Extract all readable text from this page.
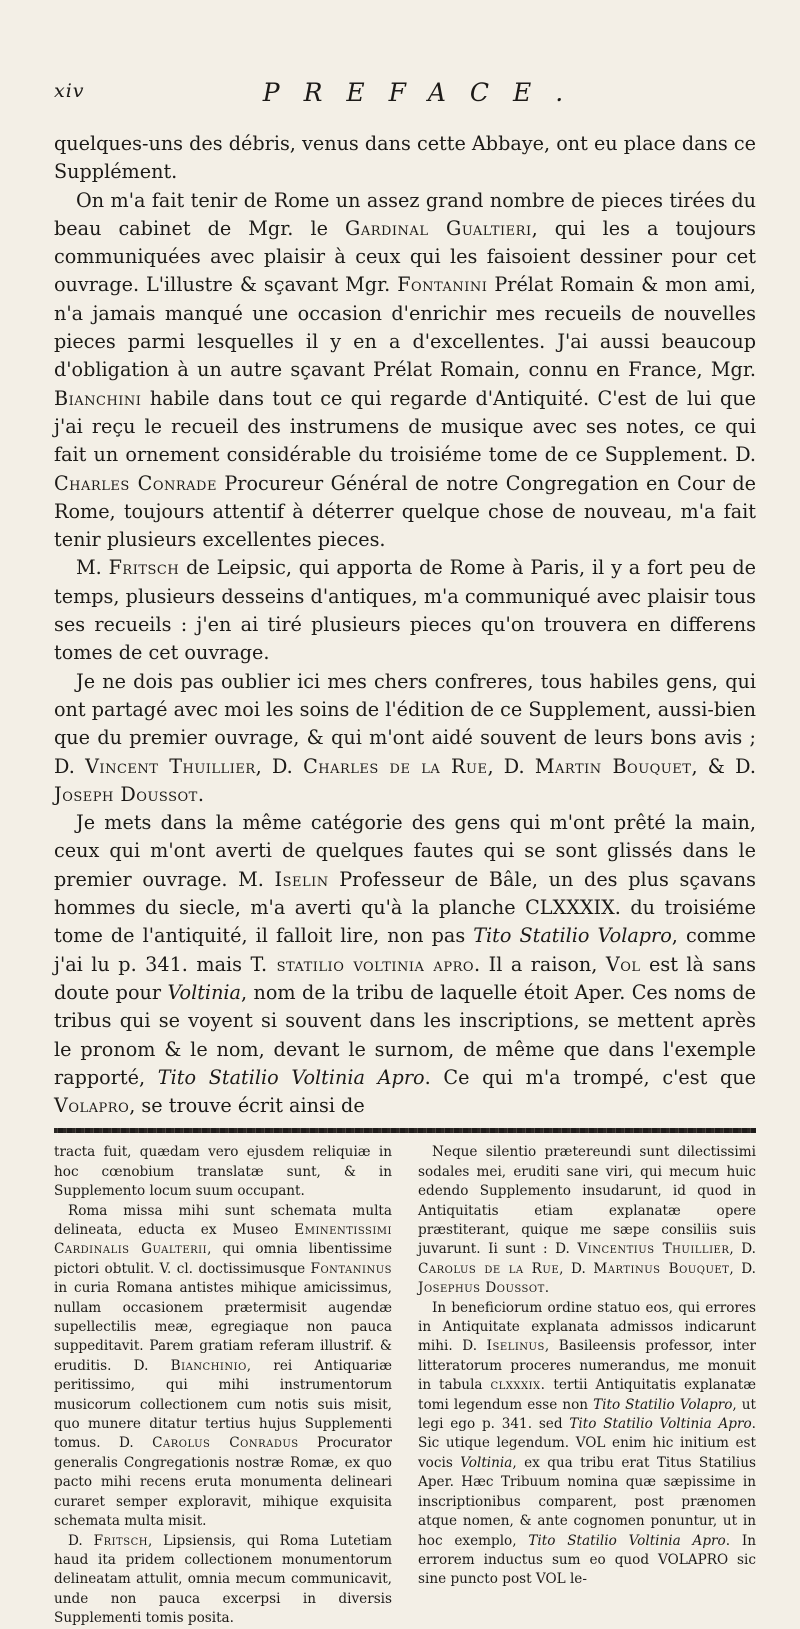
xiv	PREFACE.

quelques-uns des débris, venus dans cette Abbaye, ont eu place dans ce Supplément.

On m'a fait tenir de Rome un assez grand nombre de pieces tirées du beau cabinet de Mgr. le Gardinal Gualtieri, qui les a toujours communiquées avec plaisir à ceux qui les faisoient dessiner pour cet ouvrage. L'illustre & sçavant Mgr. Fontanini Prélat Romain & mon ami, n'a jamais manqué une occasion d'enrichir mes recueils de nouvelles pieces parmi lesquelles il y en a d'excellentes. J'ai aussi beaucoup d'obligation à un autre sçavant Prélat Romain, connu en France, Mgr. Bianchini habile dans tout ce qui regarde d'Antiquité. C'est de lui que j'ai reçu le recueil des instrumens de musique avec ses notes, ce qui fait un ornement considérable du troisiéme tome de ce Supplement. D. Charles Conrade Procureur Général de notre Congregation en Cour de Rome, toujours attentif à déterrer quelque chose de nouveau, m'a fait tenir plusieurs excellentes pieces.

M. Fritsch de Leipsic, qui apporta de Rome à Paris, il y a fort peu de temps, plusieurs desseins d'antiques, m'a communiqué avec plaisir tous ses recueils : j'en ai tiré plusieurs pieces qu'on trouvera en differens tomes de cet ouvrage.

Je ne dois pas oublier ici mes chers confreres, tous habiles gens, qui ont partagé avec moi les soins de l'édition de ce Supplement, aussi-bien que du premier ouvrage, & qui m'ont aidé souvent de leurs bons avis ; D. Vincent Thuillier, D. Charles de la Rue, D. Martin Bouquet, & D. Joseph Doussot.

Je mets dans la même catégorie des gens qui m'ont prêté la main, ceux qui m'ont averti de quelques fautes qui se sont glissés dans le premier ouvrage. M. Iselin Professeur de Bâle, un des plus sçavans hommes du siecle, m'a averti qu'à la planche CLXXXIX. du troisiéme tome de l'antiquité, il falloit lire, non pas Tito Statilio Volapro, comme j'ai lu p. 341. mais T. statilio voltinia apro. Il a raison, Vol est là sans doute pour Voltinia, nom de la tribu de laquelle étoit Aper. Ces noms de tribus qui se voyent si souvent dans les inscriptions, se mettent après le pronom & le nom, devant le surnom, de même que dans l'exemple rapporté, Tito Statilio Voltinia Apro. Ce qui m'a trompé, c'est que Volapro, se trouve écrit ainsi de

tracta fuit, quædam vero ejusdem reliquiæ in hoc cœnobium translatæ sunt, & in Supplemento locum suum occupant.

Roma missa mihi sunt schemata multa delineata, educta ex Museo Eminentissimi Cardinalis Gualterii, qui omnia libentissime pictori obtulit. V. cl. doctissimusque Fontaninus in curia Romana antistes mihique amicissimus, nullam occasionem prætermisit augendæ supellectilis meæ, egregiaque non pauca suppeditavit. Parem gratiam referam illustrif. & eruditis. D. Bianchinio, rei Antiquariæ peritissimo, qui mihi instrumentorum musicorum collectionem cum notis suis misit, quo munere ditatur tertius hujus Supplementi tomus. D. Carolus Conradus Procurator generalis Congregationis nostræ Romæ, ex quo pacto mihi recens eruta monumenta delineari curaret semper exploravit, mihique exquisita schemata multa misit.

D. Fritsch, Lipsiensis, qui Roma Lutetiam haud ita pridem collectionem monumentorum delineatam attulit, omnia mecum communicavit, unde non pauca excerpsi in diversis Supplementi tomis posita.

Neque silentio prætereundi sunt dilectissimi sodales mei, eruditi sane viri, qui mecum huic edendo Supplemento insudarunt, id quod in Antiquitatis etiam explanatæ opere præstiterant, quique me sæpe consiliis suis juvarunt. Ii sunt : D. Vincentius Thuillier, D. Carolus de la Rue, D. Martinus Bouquet, D. Josephus Doussot.

In beneficiorum ordine statuo eos, qui errores in Antiquitate explanata admissos indicarunt mihi. D. Iselinus, Basileensis professor, inter litteratorum proceres numerandus, me monuit in tabula clxxxix. tertii Antiquitatis explanatæ tomi legendum esse non Tito Statilio Volapro, ut legi ego p. 341. sed Tito Statilio Voltinia Apro. Sic utique legendum. VOL enim hic initium est vocis Voltinia, ex qua tribu erat Titus Statilius Aper. Hæc Tribuum nomina quæ sæpissime in inscriptionibus comparent, post prænomen atque nomen, & ante cognomen ponuntur, ut in hoc exemplo, Tito Statilio Voltinia Apro. In errorem inductus sum eo quod VOLAPRO sic sine puncto post VOL le-
